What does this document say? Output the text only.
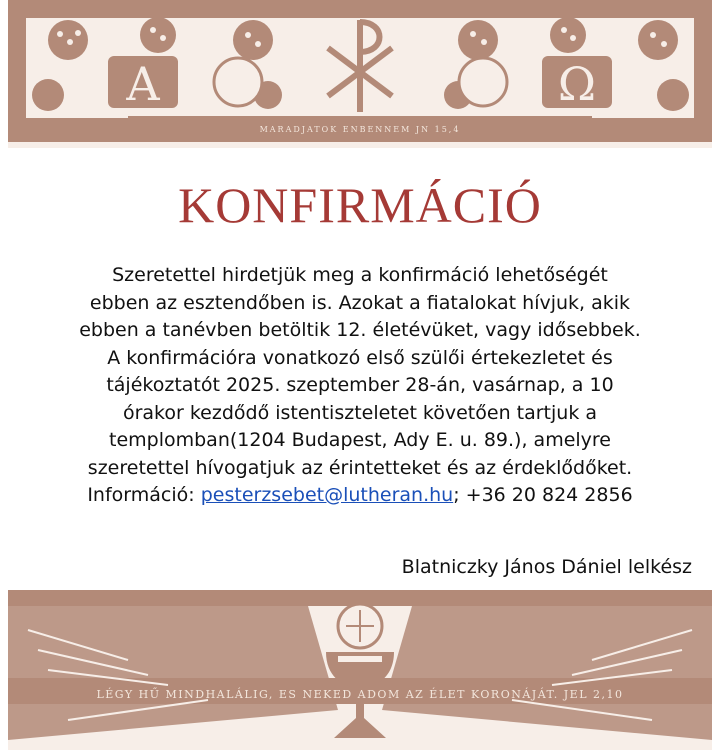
A	Ω
MARADJATOK ENBENNEM JN 15,4
KONFIRMÁCIÓ

Szeretettel hirdetjük meg a konfirmáció lehetőségét

ebben az esztendőben is. Azokat a fiatalokat hívjuk, akik

ebben a tanévben betöltik 12. életévüket, vagy idősebbek.

A konfirmációra vonatkozó első szülői értekezletet és

tájékoztatót 2025. szeptember 28-án, vasárnap, a 10

órakor kezdődő istentiszteletet követően tartjuk a

templomban(1204 Budapest, Ady E. u. 89.), amelyre

szeretettel hívogatjuk az érintetteket és az érdeklődőket.

Információ: pesterzsebet@lutheran.hu; +36 20 824 2856

Blatniczky János Dániel lelkész
LÉGY HŰ MINDHALÁLIG, ES NEKED ADOM AZ ÉLET KORONÁJÁT. JEL 2,10
